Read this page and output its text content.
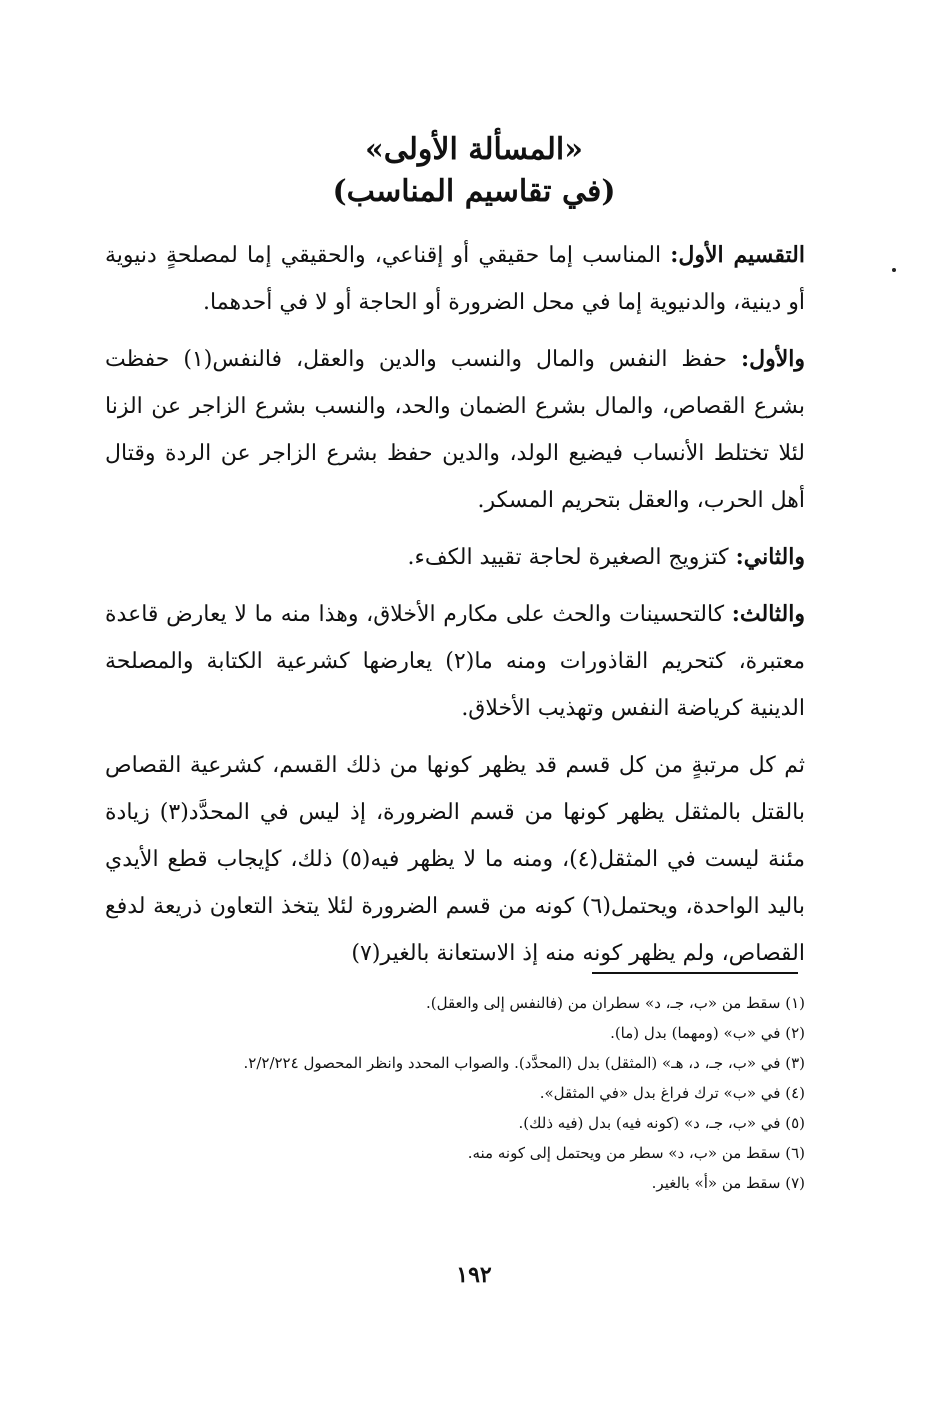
«المسألة الأولى»
(في تقاسيم المناسب)

التقسيم الأول: المناسب إما حقيقي أو إقناعي، والحقيقي إما لمصلحةٍ دنيوية أو دينية، والدنيوية إما في محل الضرورة أو الحاجة أو لا في أحدهما.

والأول: حفظ النفس والمال والنسب والدين والعقل، فالنفس(١) حفظت بشرع القصاص، والمال بشرع الضمان والحد، والنسب بشرع الزاجر عن الزنا لئلا تختلط الأنساب فيضيع الولد، والدين حفظ بشرع الزاجر عن الردة وقتال أهل الحرب، والعقل بتحريم المسكر.

والثاني: كتزويج الصغيرة لحاجة تقييد الكفء.

والثالث: كالتحسينات والحث على مكارم الأخلاق، وهذا منه ما لا يعارض قاعدة معتبرة، كتحريم القاذورات ومنه ما(٢) يعارضها كشرعية الكتابة والمصلحة الدينية كرياضة النفس وتهذيب الأخلاق.

ثم كل مرتبةٍ من كل قسم قد يظهر كونها من ذلك القسم، كشرعية القصاص بالقتل بالمثقل يظهر كونها من قسم الضرورة، إذ ليس في المحدَّد(٣) زيادة مئنة ليست في المثقل(٤)، ومنه ما لا يظهر فيه(٥) ذلك، كإيجاب قطع الأيدي باليد الواحدة، ويحتمل(٦) كونه من قسم الضرورة لئلا يتخذ التعاون ذريعة لدفع القصاص، ولم يظهر كونه منه إذ الاستعانة بالغير(٧)

(١) سقط من «ب، جـ، د» سطران من (فالنفس إلى والعقل).

(٢) في «ب» (ومهما) بدل (ما).

(٣) في «ب، جـ، د، هـ» (المثقل) بدل (المحدَّد). والصواب المحدد وانظر المحصول ٢/٢/٢٢٤.

(٤) في «ب» ترك فراغ بدل «في المثقل».

(٥) في «ب، جـ، د» (كونه فيه) بدل (فيه ذلك).

(٦) سقط من «ب، د» سطر من ويحتمل إلى كونه منه.

(٧) سقط من «أ» بالغير.

١٩٢
